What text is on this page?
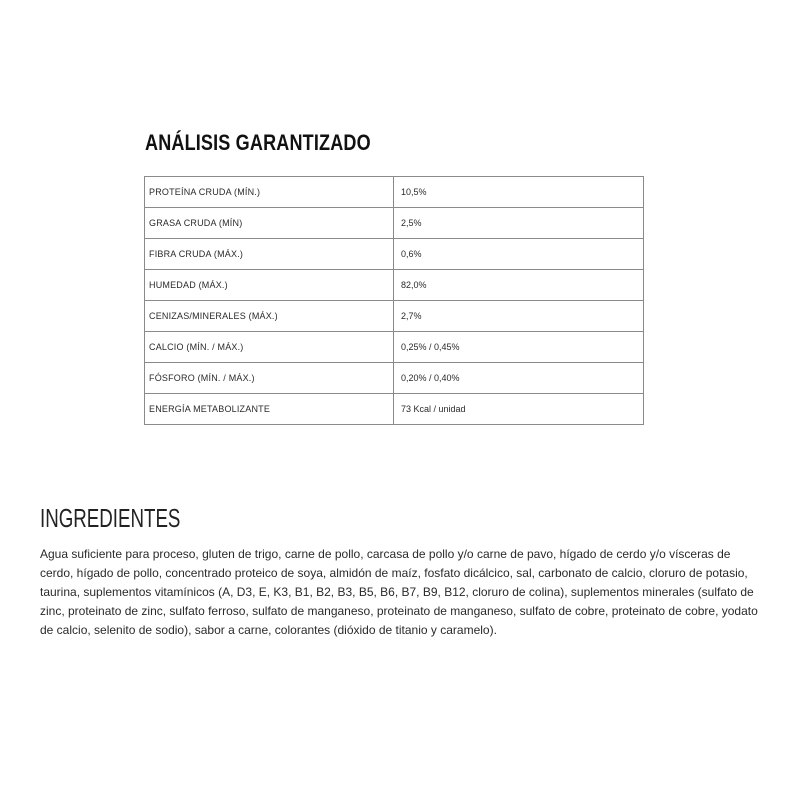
ANÁLISIS GARANTIZADO
PROTEÍNA CRUDA (MÍN.)	10,5%
GRASA CRUDA (MÍN)	2,5%
FIBRA CRUDA (MÁX.)	0,6%
HUMEDAD (MÁX.)	82,0%
CENIZAS/MINERALES (MÁX.)	2,7%
CALCIO (MÍN. / MÁX.)	0,25% / 0,45%
FÓSFORO (MÍN. / MÁX.)	0,20% / 0,40%
ENERGÍA METABOLIZANTE	73 Kcal / unidad
INGREDIENTES

Agua suficiente para proceso, gluten de trigo, carne de pollo, carcasa de pollo y/o carne de pavo, hígado de cerdo y/o vísceras de cerdo, hígado de pollo, concentrado proteico de soya, almidón de maíz, fosfato dicálcico, sal, carbonato de calcio, cloruro de potasio, taurina, suplementos vitamínicos (A, D3, E, K3, B1, B2, B3, B5, B6, B7, B9, B12, cloruro de colina), suplementos minerales (sulfato de zinc, proteinato de zinc, sulfato ferroso, sulfato de manganeso, proteinato de manganeso, sulfato de cobre, proteinato de cobre, yodato de calcio, selenito de sodio), sabor a carne, colorantes (dióxido de titanio y caramelo).
